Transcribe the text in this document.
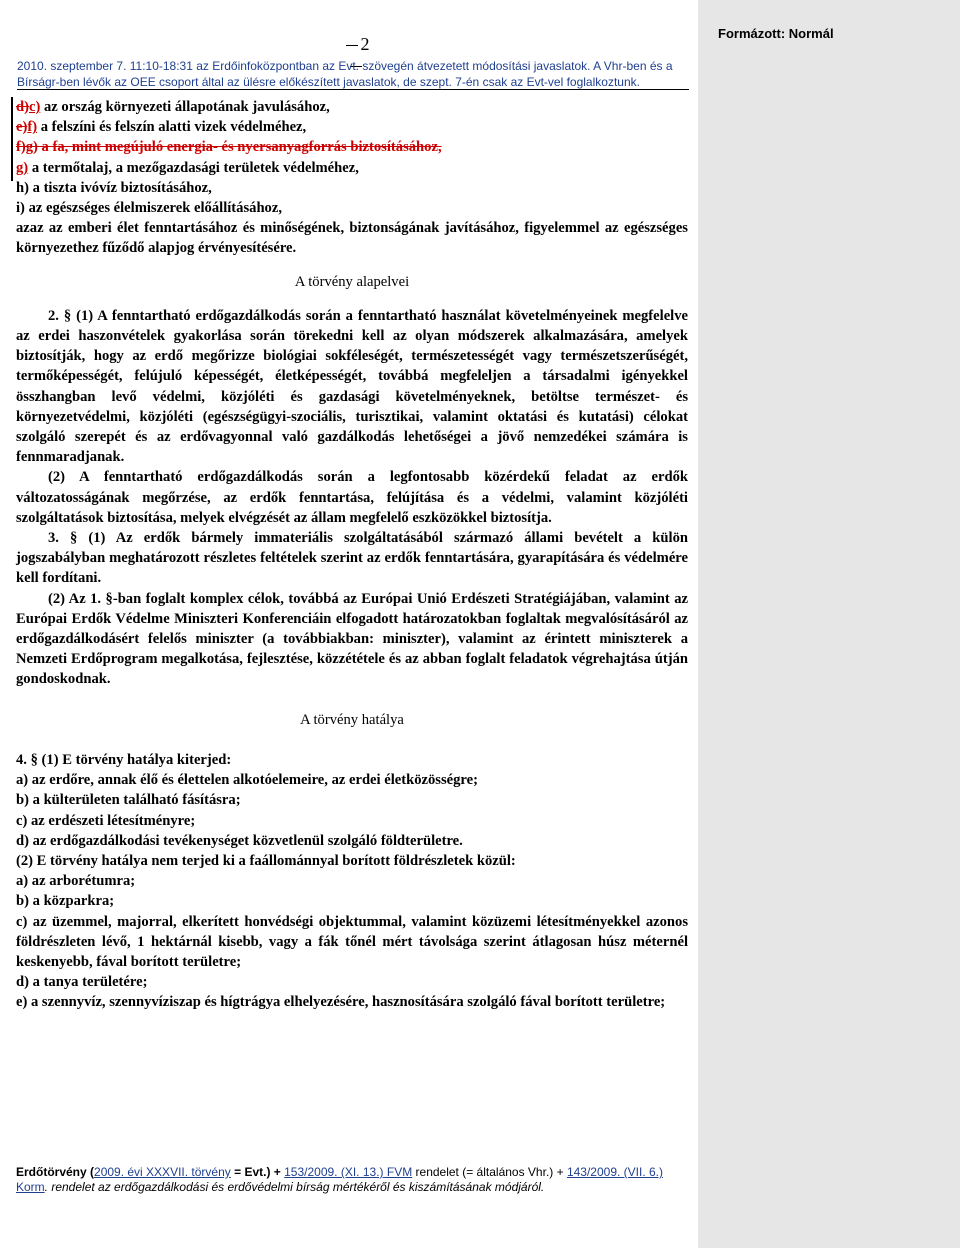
Formázott: Normál
2
2010. szeptember 7. 11:10-18:31 az Erdőinfoközpontban az Evt. szövegén átvezetett módosítási javaslatok. A Vhr-ben és a Bírságr-ben lévők az OEE csoport által az ülésre előkészített javaslatok, de szept. 7-én csak az Evt-vel foglalkoztunk.

d)c) az ország környezeti állapotának javulásához,

e)f) a felszíni és felszín alatti vizek védelméhez,

f)g) a fa, mint megújuló energia- és nyersanyagforrás biztosításához,

g) a termőtalaj, a mezőgazdasági területek védelméhez,

h) a tiszta ivóvíz biztosításához,

i) az egészséges élelmiszerek előállításához,

azaz az emberi élet fenntartásához és minőségének, biztonságának javításához, figyelemmel az egészséges környezethez fűződő alapjog érvényesítésére.

A törvény alapelvei

2. § (1) A fenntartható erdőgazdálkodás során a fenntartható használat követelményeinek megfelelve az erdei haszonvételek gyakorlása során törekedni kell az olyan módszerek alkalmazására, amelyek biztosítják, hogy az erdő megőrizze biológiai sokféleségét, természetességét vagy természetszerűségét, termőképességét, felújuló képességét, életképességét, továbbá megfeleljen a társadalmi igényekkel összhangban levő védelmi, közjóléti és gazdasági követelményeknek, betöltse természet- és környezetvédelmi, közjóléti (egészségügyi-szociális, turisztikai, valamint oktatási és kutatási) célokat szolgáló szerepét és az erdővagyonnal való gazdálkodás lehetőségei a jövő nemzedékei számára is fennmaradjanak.

(2) A fenntartható erdőgazdálkodás során a legfontosabb közérdekű feladat az erdők változatosságának megőrzése, az erdők fenntartása, felújítása és a védelmi, valamint közjóléti szolgáltatások biztosítása, melyek elvégzését az állam megfelelő eszközökkel biztosítja.

3. § (1) Az erdők bármely immateriális szolgáltatásából származó állami bevételt a külön jogszabályban meghatározott részletes feltételek szerint az erdők fenntartására, gyarapítására és védelmére kell fordítani.

(2) Az 1. §-ban foglalt komplex célok, továbbá az Európai Unió Erdészeti Stratégiájában, valamint az Európai Erdők Védelme Miniszteri Konferenciáin elfogadott határozatokban foglaltak megvalósításáról az erdőgazdálkodásért felelős miniszter (a továbbiakban: miniszter), valamint az érintett miniszterek a Nemzeti Erdőprogram megalkotása, fejlesztése, közzététele és az abban foglalt feladatok végrehajtása útján gondoskodnak.

A törvény hatálya

4. § (1) E törvény hatálya kiterjed:

a) az erdőre, annak élő és élettelen alkotóelemeire, az erdei életközösségre;

b) a külterületen található fásításra;

c) az erdészeti létesítményre;

d) az erdőgazdálkodási tevékenységet közvetlenül szolgáló földterületre.

(2) E törvény hatálya nem terjed ki a faállománnyal borított földrészletek közül:

a) az arborétumra;

b) a közparkra;

c) az üzemmel, majorral, elkerített honvédségi objektummal, valamint közüzemi létesítményekkel azonos földrészleten lévő, 1 hektárnál kisebb, vagy a fák tőnél mért távolsága szerint átlagosan húsz méternél keskenyebb, fával borított területre;

d) a tanya területére;

e) a szennyvíz, szennyvíziszap és hígtrágya elhelyezésére, hasznosítására szolgáló fával borított területre;

Erdőtörvény (2009. évi XXXVII. törvény = Evt.) + 153/2009. (XI. 13.) FVM rendelet (= általános Vhr.) + 143/2009. (VII. 6.) Korm. rendelet az erdőgazdálkodási és erdővédelmi bírság mértékéről és kiszámításának módjáról.
